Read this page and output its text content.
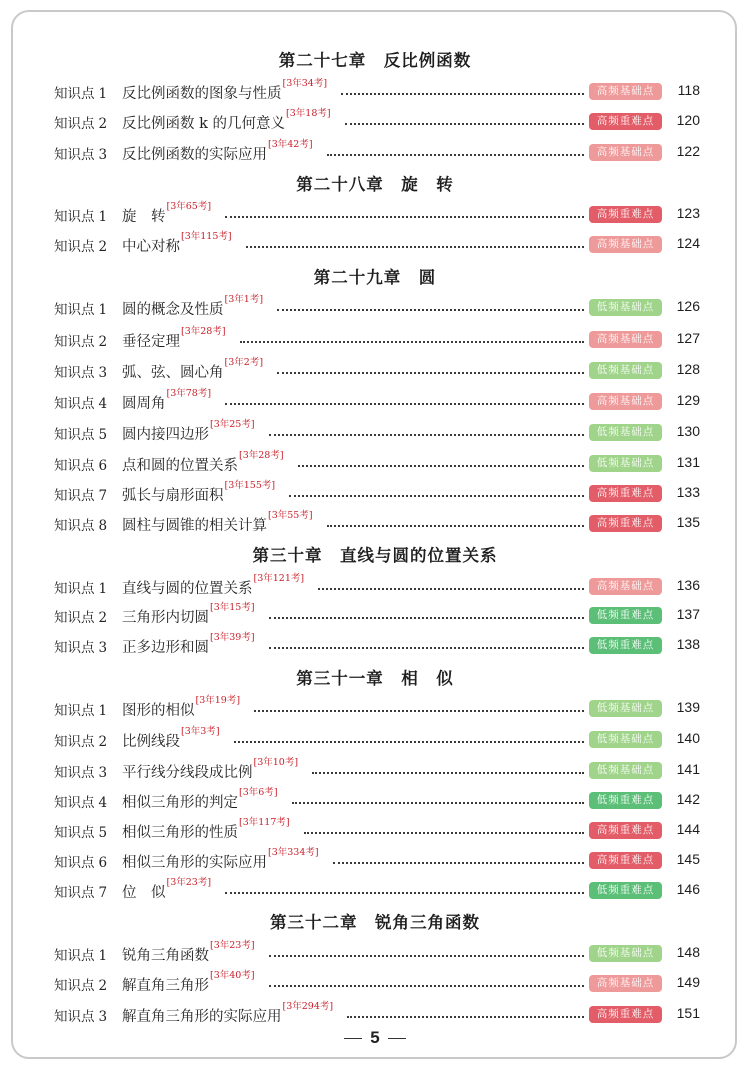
第二十七章　反比例函数
知识点 1 反比例函数的图象与性质
[3年34考]
高频基础点	118
知识点 2 反比例函数 k 的几何意义
[3年18考]
高频重难点	120
知识点 3 反比例函数的实际应用
[3年42考]
高频基础点	122
第二十八章　旋　转
知识点 1 旋　转
[3年65考]
高频重难点	123
知识点 2 中心对称
[3年115考]
高频基础点	124
第二十九章　圆
知识点 1 圆的概念及性质
[3年1考]
低频基础点	126
知识点 2 垂径定理
[3年28考]
高频基础点	127
知识点 3 弧、弦、圆心角
[3年2考]
低频基础点	128
知识点 4 圆周角
[3年78考]
高频基础点	129
知识点 5 圆内接四边形
[3年25考]
低频基础点	130
知识点 6 点和圆的位置关系
[3年28考]
低频基础点	131
知识点 7 弧长与扇形面积
[3年155考]
高频重难点	133
知识点 8 圆柱与圆锥的相关计算
[3年55考]
高频重难点	135
第三十章　直线与圆的位置关系
知识点 1 直线与圆的位置关系
[3年121考]
高频基础点	136
知识点 2 三角形内切圆
[3年15考]
低频重难点	137
知识点 3 正多边形和圆
[3年39考]
低频重难点	138
第三十一章　相　似
知识点 1 图形的相似
[3年19考]
低频基础点	139
知识点 2 比例线段
[3年3考]
低频基础点	140
知识点 3 平行线分线段成比例
[3年10考]
低频基础点	141
知识点 4 相似三角形的判定
[3年6考]
低频重难点	142
知识点 5 相似三角形的性质
[3年117考]
高频重难点	144
知识点 6 相似三角形的实际应用
[3年334考]
高频重难点	145
知识点 7 位　似
[3年23考]
低频重难点	146
第三十二章　锐角三角函数
知识点 1 锐角三角函数
[3年23考]
低频基础点	148
知识点 2 解直角三角形
[3年40考]
高频基础点	149
知识点 3 解直角三角形的实际应用
[3年294考]
高频重难点	151
5
